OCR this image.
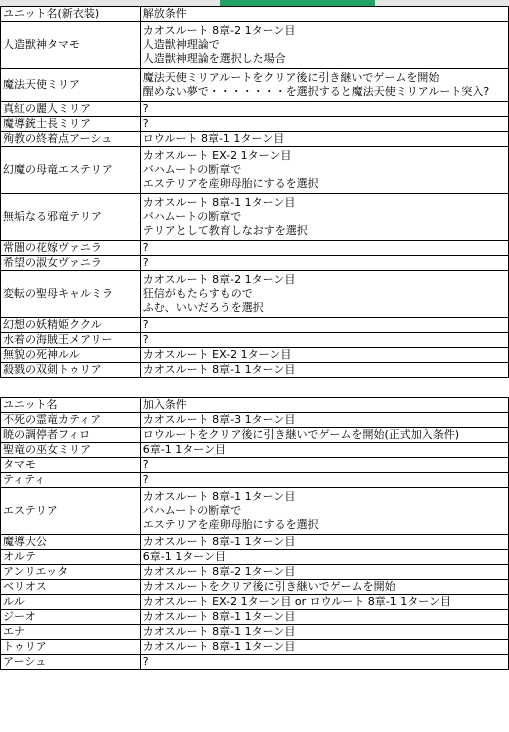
ユニット名(新衣装)	解放条件
人造獣神タマモ	カオスルート 8章-2 1ターン目
人造獣神理論で
人造獣神理論を選択した場合

魔法天使ミリア	魔法天使ミリアルートをクリア後に引き継いでゲームを開始
醒めない夢で・・・・・・・を選択すると魔法天使ミリアルート突入?

真紅の麗人ミリア	?

魔導銃士長ミリア	?

殉教の終着点アーシュ	ロウルート 8章-1 1ターン目

幻魔の母竜エステリア	カオスルート EX-2 1ターン目
バハムートの断章で
エステリアを産卵母胎にするを選択

無垢なる邪竜テリア	カオスルート 8章-1 1ターン目
バハムートの断章で
テリアとして教育しなおすを選択

常闇の花嫁ヴァニラ	?

希望の淑女ヴァニラ	?

変転の聖母キャルミラ	カオスルート 8章-2 1ターン目
狂信がもたらすもので
ふむ、いいだろうを選択

幻想の妖精姫ククル	?

水着の海賊王メアリー	?

無貌の死神ルル	カオスルート EX-2 1ターン目

殺戮の双剣トゥリア	カオスルート 8章-1 1ターン目

ユニット名	加入条件
不死の霊竜カティア	カオスルート 8章-3 1ターン目

暁の調停者フィロ	ロウルートをクリア後に引き継いでゲームを開始(正式加入条件)

聖竜の巫女ミリア	6章-1 1ターン目

タマモ	?

ティティ	?

エステリア	カオスルート 8章-1 1ターン目
バハムートの断章で
エステリアを産卵母胎にするを選択

魔導大公	カオスルート 8章-1 1ターン目

オルテ	6章-1 1ターン目

アンリエッタ	カオスルート 8章-2 1ターン目

ベリオス	カオスルートをクリア後に引き継いでゲームを開始

ルル	カオスルート EX-2 1ターン目 or ロウルート 8章-1 1ターン目

ジーオ	カオスルート 8章-1 1ターン目

エナ	カオスルート 8章-1 1ターン目

トゥリア	カオスルート 8章-1 1ターン目

アーシュ	?
